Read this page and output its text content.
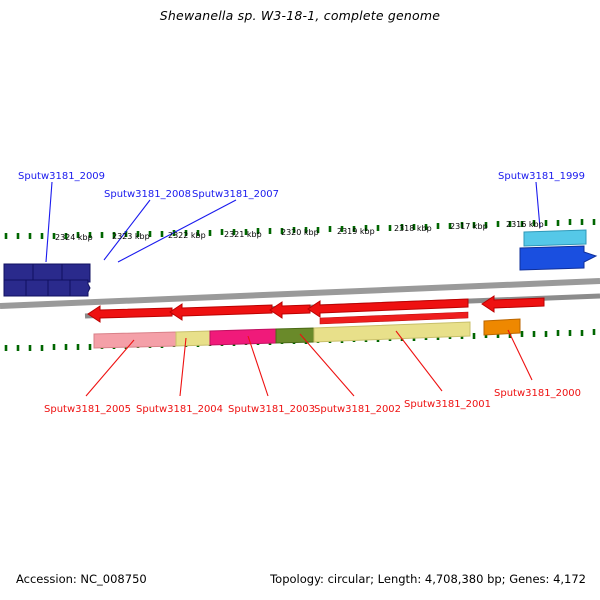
Shewanella sp. W3-18-1, complete genome
2324 kbp 2323 kbp 2322 kbp 2321 kbp 2320 kbp 2319 kbp 2318 kbp 2317 kbp 2316 kbp
Sputw3181_2009
Sputw3181_2008 Sputw3181_2007
Sputw3181_1999
Sputw3181_2005 Sputw3181_2004 Sputw3181_2003
Sputw3181_2002 Sputw3181_2001
Sputw3181_2000
Accession: NC_008750	Topology: circular; Length: 4,708,380 bp; Genes: 4,172
